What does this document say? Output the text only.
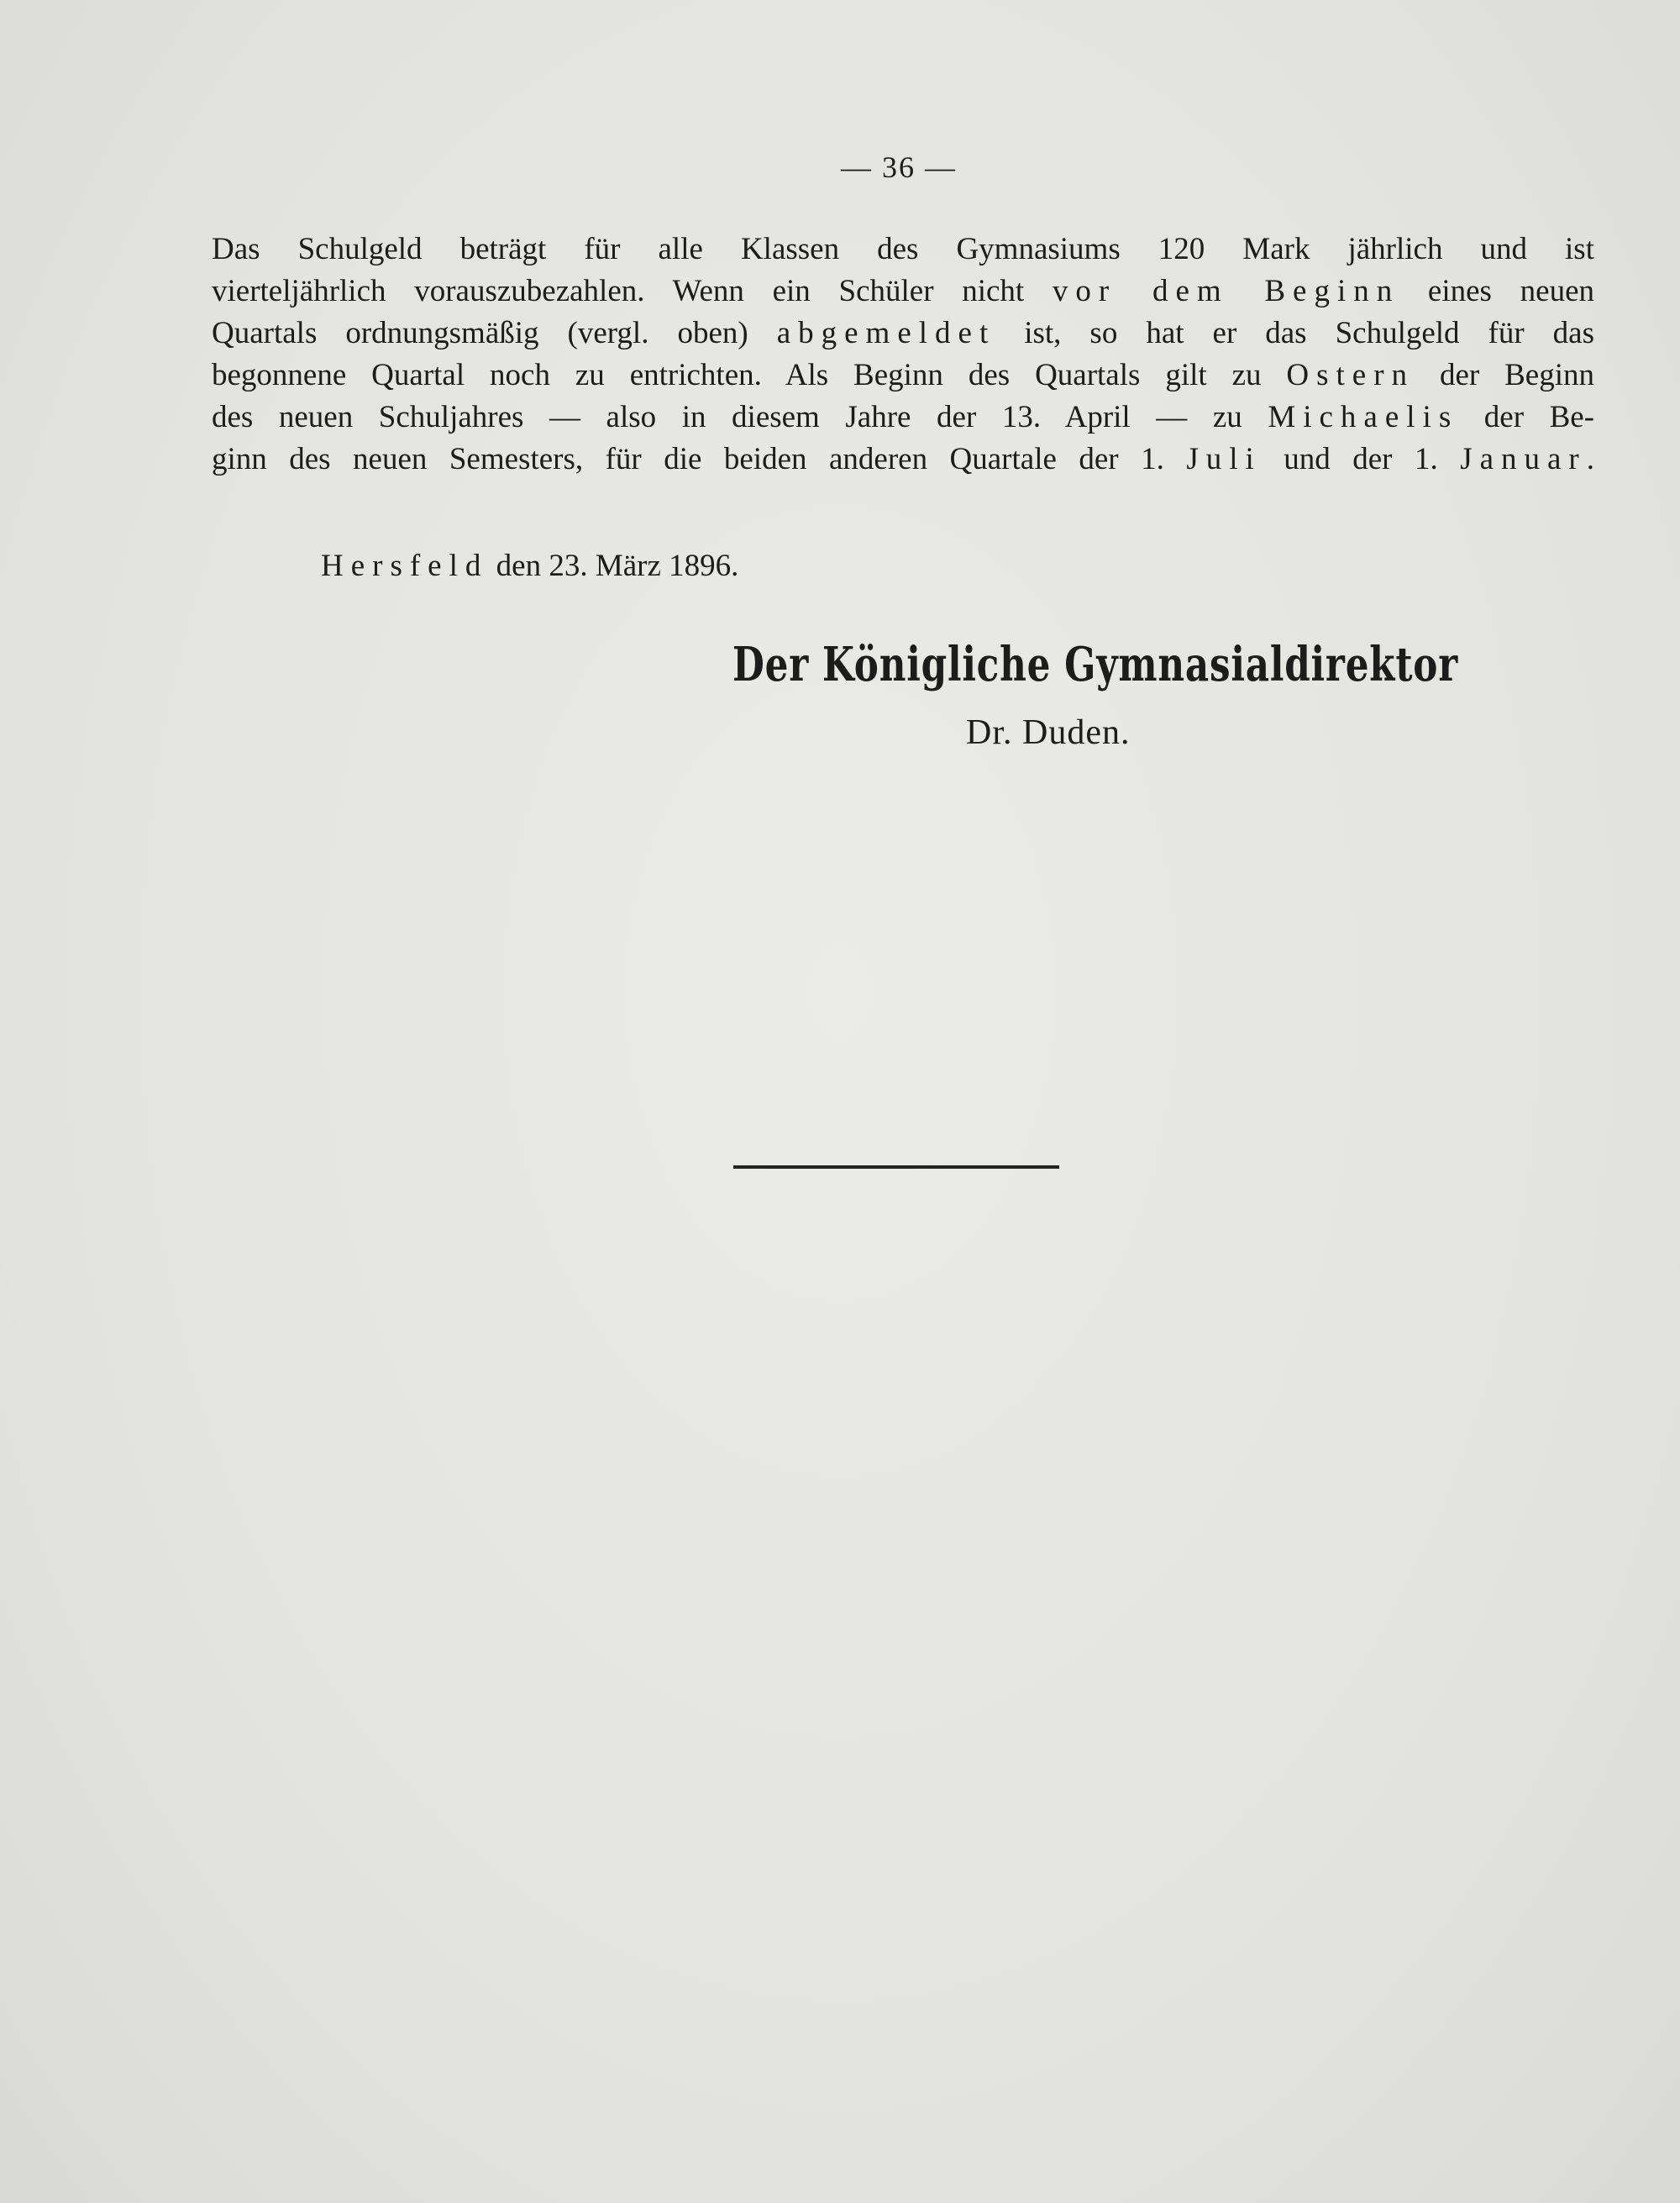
— 36 —
Das Schulgeld beträgt für alle Klassen des Gymnasiums 120 Mark jährlich und ist
vierteljährlich vorauszubezahlen. Wenn ein Schüler nicht vor dem Beginn eines neuen
Quartals ordnungsmäßig (vergl. oben) abgemeldet ist, so hat er das Schulgeld für das
begonnene Quartal noch zu entrichten. Als Beginn des Quartals gilt zu Ostern der Beginn
des neuen Schuljahres — also in diesem Jahre der 13. April — zu Michaelis der Be-
ginn des neuen Semesters, für die beiden anderen Quartale der 1. Juli und der 1. Januar.
Hersfeld den 23. März 1896.
Der Königliche Gymnasialdirektor
Dr. Duden.
